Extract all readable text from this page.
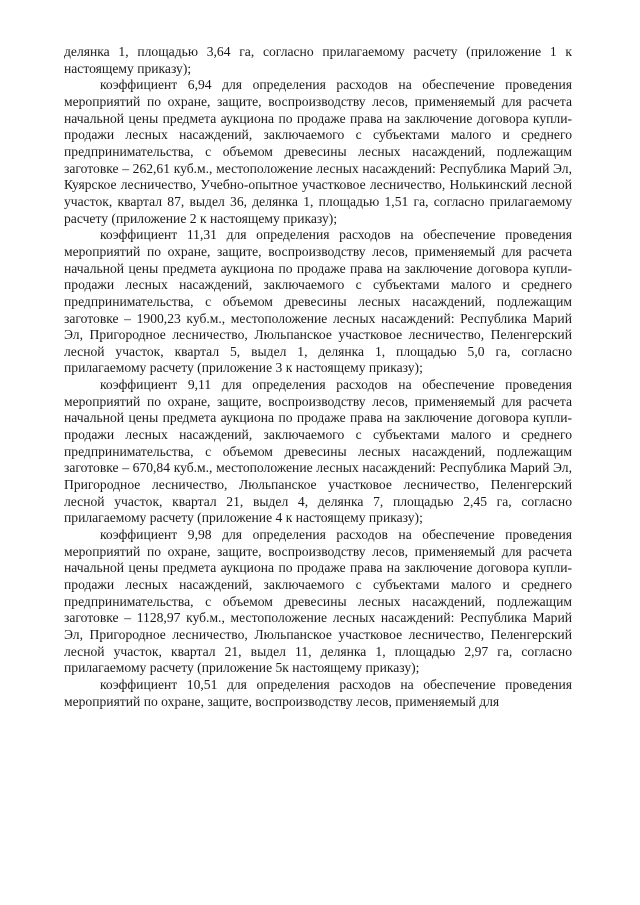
делянка 1, площадью 3,64 га, согласно прилагаемому расчету (приложение 1 к настоящему приказу);

коэффициент 6,94 для определения расходов на обеспечение проведения мероприятий по охране, защите, воспроизводству лесов, применяемый для расчета начальной цены предмета аукциона по продаже права на заключение договора купли-продажи лесных насаждений, заключаемого с субъектами малого и среднего предпринимательства, с объемом древесины лесных насаждений, подлежащим заготовке – 262,61 куб.м., местоположение лесных насаждений: Республика Марий Эл, Куярское лесничество, Учебно-опытное участковое лесничество, Нолькинский лесной участок, квартал 87, выдел 36, делянка 1, площадью 1,51 га, согласно прилагаемому расчету (приложение 2 к настоящему приказу);

коэффициент 11,31 для определения расходов на обеспечение проведения мероприятий по охране, защите, воспроизводству лесов, применяемый для расчета начальной цены предмета аукциона по продаже права на заключение договора купли-продажи лесных насаждений, заключаемого с субъектами малого и среднего предпринимательства, с объемом древесины лесных насаждений, подлежащим заготовке – 1900,23 куб.м., местоположение лесных насаждений: Республика Марий Эл, Пригородное лесничество, Люльпанское участковое лесничество, Пеленгерский лесной участок, квартал 5, выдел 1, делянка 1, площадью 5,0 га, согласно прилагаемому расчету (приложение 3 к настоящему приказу);

коэффициент 9,11 для определения расходов на обеспечение проведения мероприятий по охране, защите, воспроизводству лесов, применяемый для расчета начальной цены предмета аукциона по продаже права на заключение договора купли-продажи лесных насаждений, заключаемого с субъектами малого и среднего предпринимательства, с объемом древесины лесных насаждений, подлежащим заготовке – 670,84 куб.м., местоположение лесных насаждений: Республика Марий Эл, Пригородное лесничество, Люльпанское участковое лесничество, Пеленгерский лесной участок, квартал 21, выдел 4, делянка 7, площадью 2,45 га, согласно прилагаемому расчету (приложение 4 к настоящему приказу);

коэффициент 9,98 для определения расходов на обеспечение проведения мероприятий по охране, защите, воспроизводству лесов, применяемый для расчета начальной цены предмета аукциона по продаже права на заключение договора купли-продажи лесных насаждений, заключаемого с субъектами малого и среднего предпринимательства, с объемом древесины лесных насаждений, подлежащим заготовке – 1128,97 куб.м., местоположение лесных насаждений: Республика Марий Эл, Пригородное лесничество, Люльпанское участковое лесничество, Пеленгерский лесной участок, квартал 21, выдел 11, делянка 1, площадью 2,97 га, согласно прилагаемому расчету (приложение 5к настоящему приказу);

коэффициент 10,51 для определения расходов на обеспечение проведения мероприятий по охране, защите, воспроизводству лесов, применяемый для
